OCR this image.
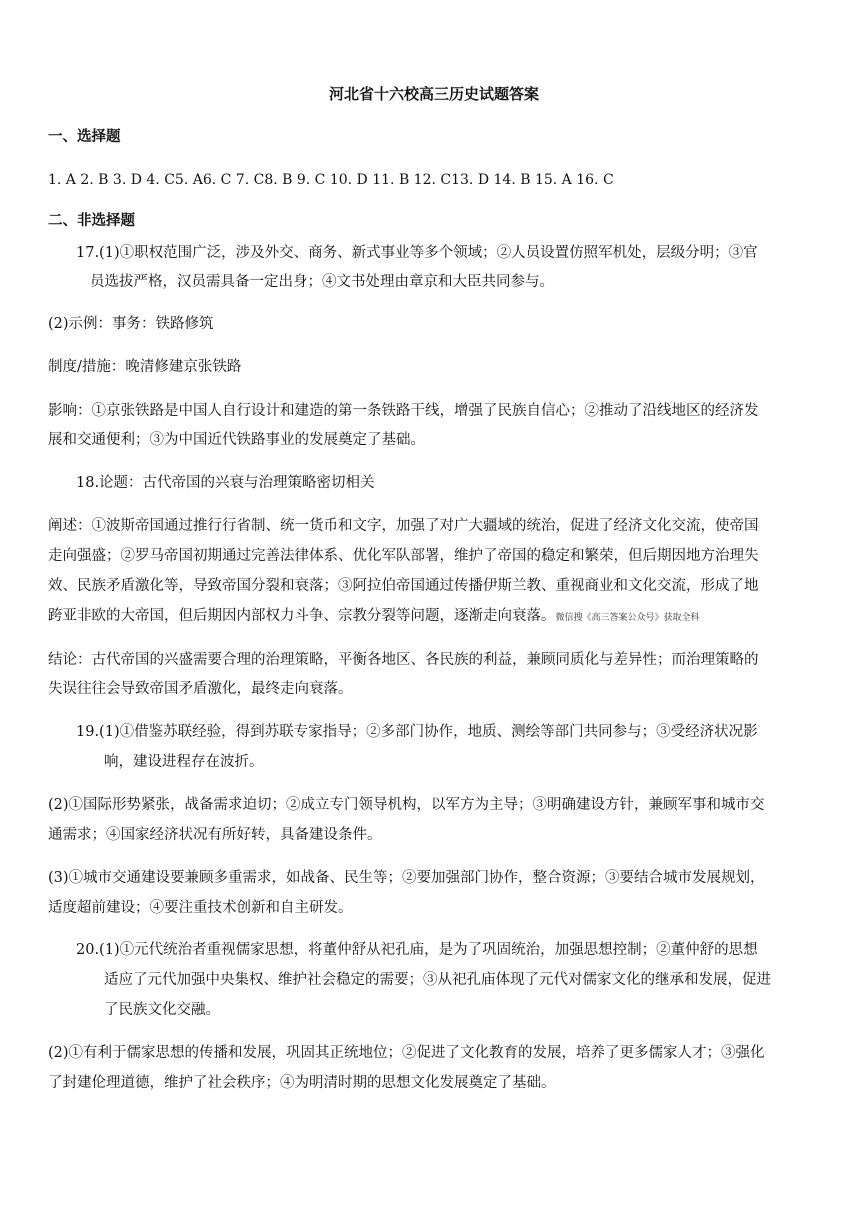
河北省十六校高三历史试题答案
一、选择题
1. A 2. B 3. D 4. C5. A6. C 7. C8. B 9. C 10. D 11. B 12. C13. D 14. B 15. A 16. C
二、非选择题
17.(1)①职权范围广泛，涉及外交、商务、新式事业等多个领域；②人员设置仿照军机处，层级分明；③官
员选拔严格，汉员需具备一定出身；④文书处理由章京和大臣共同参与。
(2)示例：事务：铁路修筑
制度/措施：晚清修建京张铁路
影响：①京张铁路是中国人自行设计和建造的第一条铁路干线，增强了民族自信心；②推动了沿线地区的经济发
展和交通便利；③为中国近代铁路事业的发展奠定了基础。
18.论题：古代帝国的兴衰与治理策略密切相关
阐述：①波斯帝国通过推行行省制、统一货币和文字，加强了对广大疆域的统治，促进了经济文化交流，使帝国
走向强盛；②罗马帝国初期通过完善法律体系、优化军队部署，维护了帝国的稳定和繁荣，但后期因地方治理失
效、民族矛盾激化等，导致帝国分裂和衰落；③阿拉伯帝国通过传播伊斯兰教、重视商业和文化交流，形成了地
跨亚非欧的大帝国，但后期因内部权力斗争、宗教分裂等问题，逐渐走向衰落。微信搜《高三答案公众号》获取全科
结论：古代帝国的兴盛需要合理的治理策略，平衡各地区、各民族的利益，兼顾同质化与差异性；而治理策略的
失误往往会导致帝国矛盾激化，最终走向衰落。
19.(1)①借鉴苏联经验，得到苏联专家指导；②多部门协作，地质、测绘等部门共同参与；③受经济状况影
响，建设进程存在波折。
(2)①国际形势紧张，战备需求迫切；②成立专门领导机构，以军方为主导；③明确建设方针，兼顾军事和城市交
通需求；④国家经济状况有所好转，具备建设条件。
(3)①城市交通建设要兼顾多重需求，如战备、民生等；②要加强部门协作，整合资源；③要结合城市发展规划，
适度超前建设；④要注重技术创新和自主研发。
20.(1)①元代统治者重视儒家思想，将董仲舒从祀孔庙，是为了巩固统治，加强思想控制；②董仲舒的思想
适应了元代加强中央集权、维护社会稳定的需要；③从祀孔庙体现了元代对儒家文化的继承和发展，促进
了民族文化交融。
(2)①有利于儒家思想的传播和发展，巩固其正统地位；②促进了文化教育的发展，培养了更多儒家人才；③强化
了封建伦理道德，维护了社会秩序；④为明清时期的思想文化发展奠定了基础。
